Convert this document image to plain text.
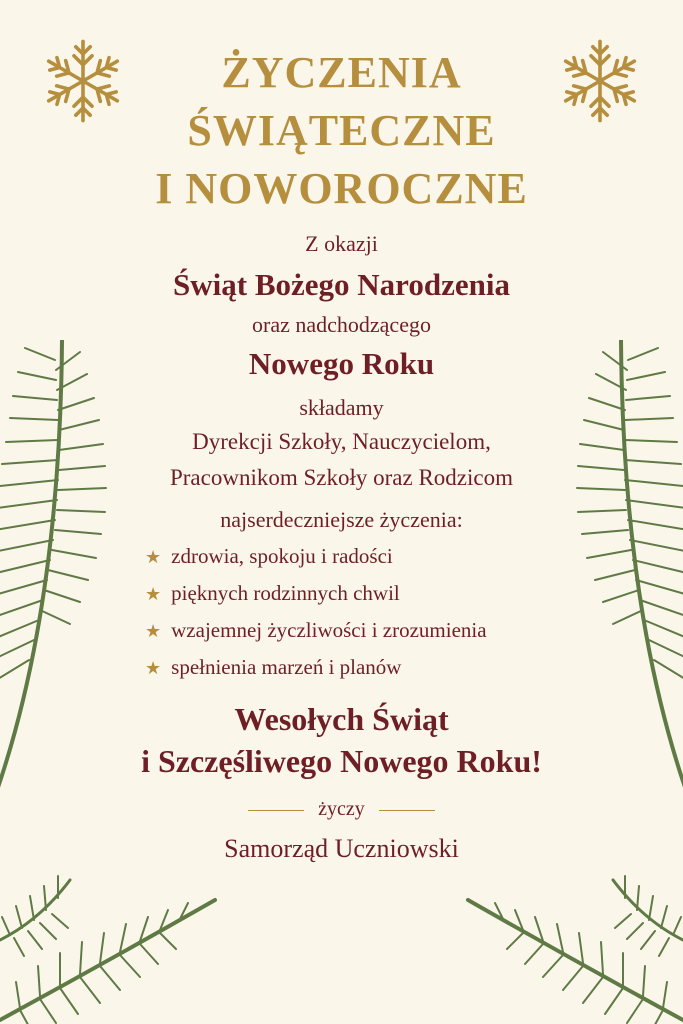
ŻYCZENIA
ŚWIĄTECZNE
I NOWOROCZNE
Z okazji
Świąt Bożego Narodzenia
oraz nadchodzącego
Nowego Roku
składamy
Dyrekcji Szkoły, Nauczycielom,
Pracownikom Szkoły oraz Rodzicom
najserdeczniejsze życzenia:
★ zdrowia, spokoju i radości
★ pięknych rodzinnych chwil
★ wzajemnej życzliwości i zrozumienia
★ spełnienia marzeń i planów
Wesołych Świąt
i Szczęśliwego Nowego Roku!
życzy
Samorząd Uczniowski
